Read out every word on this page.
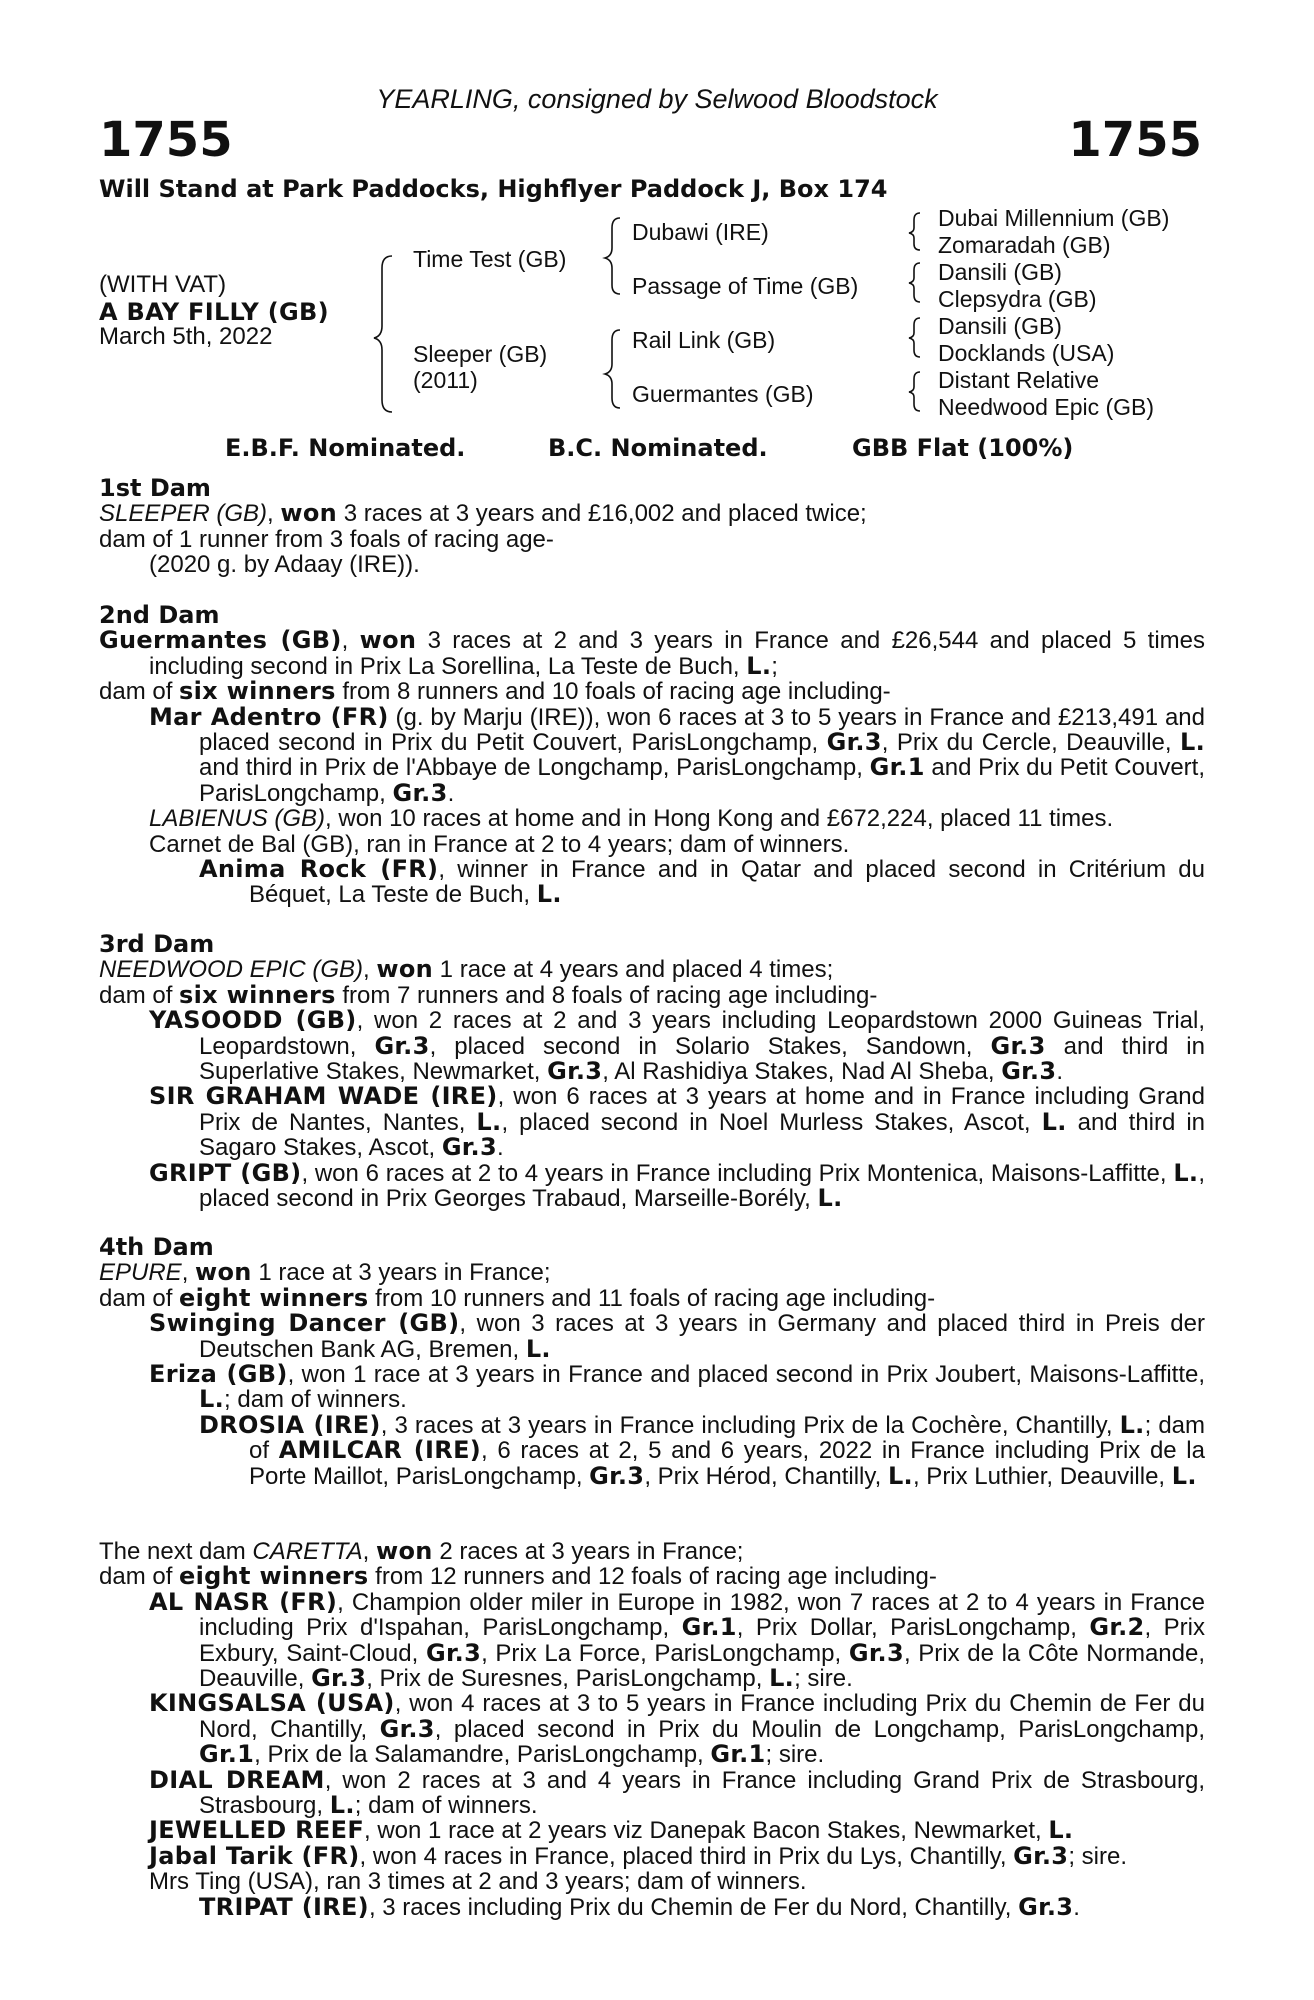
YEARLING, consigned by Selwood Bloodstock
1755	1755
Will Stand at Park Paddocks, Highflyer Paddock J, Box 174
(WITH VAT)
A BAY FILLY (GB)
March 5th, 2022
Time Test (GB)
Sleeper (GB)
(2011)
Dubawi (IRE)
Passage of Time (GB)
Rail Link (GB)
Guermantes (GB)
Dubai Millennium (GB)
Zomaradah (GB)
Dansili (GB)
Clepsydra (GB)
Dansili (GB)
Docklands (USA)
Distant Relative
Needwood Epic (GB)
E.B.F. Nominated.	B.C. Nominated.	GBB Flat (100%)

1st Dam

SLEEPER (GB), won 3 races at 3 years and £16,002 and placed twice;

dam of 1 runner from 3 foals of racing age-

(2020 g. by Adaay (IRE)).

2nd Dam

Guermantes (GB), won 3 races at 2 and 3 years in France and £26,544 and placed 5 times including second in Prix La Sorellina, La Teste de Buch, L.;

dam of six winners from 8 runners and 10 foals of racing age including-

Mar Adentro (FR) (g. by Marju (IRE)), won 6 races at 3 to 5 years in France and £213,491 and placed second in Prix du Petit Couvert, ParisLongchamp, Gr.3, Prix du Cercle, Deauville, L. and third in Prix de l'Abbaye de Longchamp, ParisLongchamp, Gr.1 and Prix du Petit Couvert, ParisLongchamp, Gr.3.

LABIENUS (GB), won 10 races at home and in Hong Kong and £672,224, placed 11 times.

Carnet de Bal (GB), ran in France at 2 to 4 years; dam of winners.

Anima Rock (FR), winner in France and in Qatar and placed second in Critérium du Béquet, La Teste de Buch, L.

3rd Dam

NEEDWOOD EPIC (GB), won 1 race at 4 years and placed 4 times;

dam of six winners from 7 runners and 8 foals of racing age including-

YASOODD (GB), won 2 races at 2 and 3 years including Leopardstown 2000 Guineas Trial, Leopardstown, Gr.3, placed second in Solario Stakes, Sandown, Gr.3 and third in Superlative Stakes, Newmarket, Gr.3, Al Rashidiya Stakes, Nad Al Sheba, Gr.3.

SIR GRAHAM WADE (IRE), won 6 races at 3 years at home and in France including Grand Prix de Nantes, Nantes, L., placed second in Noel Murless Stakes, Ascot, L. and third in Sagaro Stakes, Ascot, Gr.3.

GRIPT (GB), won 6 races at 2 to 4 years in France including Prix Montenica, Maisons-Laffitte, L., placed second in Prix Georges Trabaud, Marseille-Borély, L.

4th Dam

EPURE, won 1 race at 3 years in France;

dam of eight winners from 10 runners and 11 foals of racing age including-

Swinging Dancer (GB), won 3 races at 3 years in Germany and placed third in Preis der Deutschen Bank AG, Bremen, L.

Eriza (GB), won 1 race at 3 years in France and placed second in Prix Joubert, Maisons-Laffitte, L.; dam of winners.

DROSIA (IRE), 3 races at 3 years in France including Prix de la Cochère, Chantilly, L.; dam of AMILCAR (IRE), 6 races at 2, 5 and 6 years, 2022 in France including Prix de la Porte Maillot, ParisLongchamp, Gr.3, Prix Hérod, Chantilly, L., Prix Luthier, Deauville, L.

The next dam CARETTA, won 2 races at 3 years in France;

dam of eight winners from 12 runners and 12 foals of racing age including-

AL NASR (FR), Champion older miler in Europe in 1982, won 7 races at 2 to 4 years in France including Prix d'Ispahan, ParisLongchamp, Gr.1, Prix Dollar, ParisLongchamp, Gr.2, Prix Exbury, Saint-Cloud, Gr.3, Prix La Force, ParisLongchamp, Gr.3, Prix de la Côte Normande, Deauville, Gr.3, Prix de Suresnes, ParisLongchamp, L.; sire.

KINGSALSA (USA), won 4 races at 3 to 5 years in France including Prix du Chemin de Fer du Nord, Chantilly, Gr.3, placed second in Prix du Moulin de Longchamp, ParisLongchamp, Gr.1, Prix de la Salamandre, ParisLongchamp, Gr.1; sire.

DIAL DREAM, won 2 races at 3 and 4 years in France including Grand Prix de Strasbourg, Strasbourg, L.; dam of winners.

JEWELLED REEF, won 1 race at 2 years viz Danepak Bacon Stakes, Newmarket, L.

Jabal Tarik (FR), won 4 races in France, placed third in Prix du Lys, Chantilly, Gr.3; sire.

Mrs Ting (USA), ran 3 times at 2 and 3 years; dam of winners.

TRIPAT (IRE), 3 races including Prix du Chemin de Fer du Nord, Chantilly, Gr.3.
